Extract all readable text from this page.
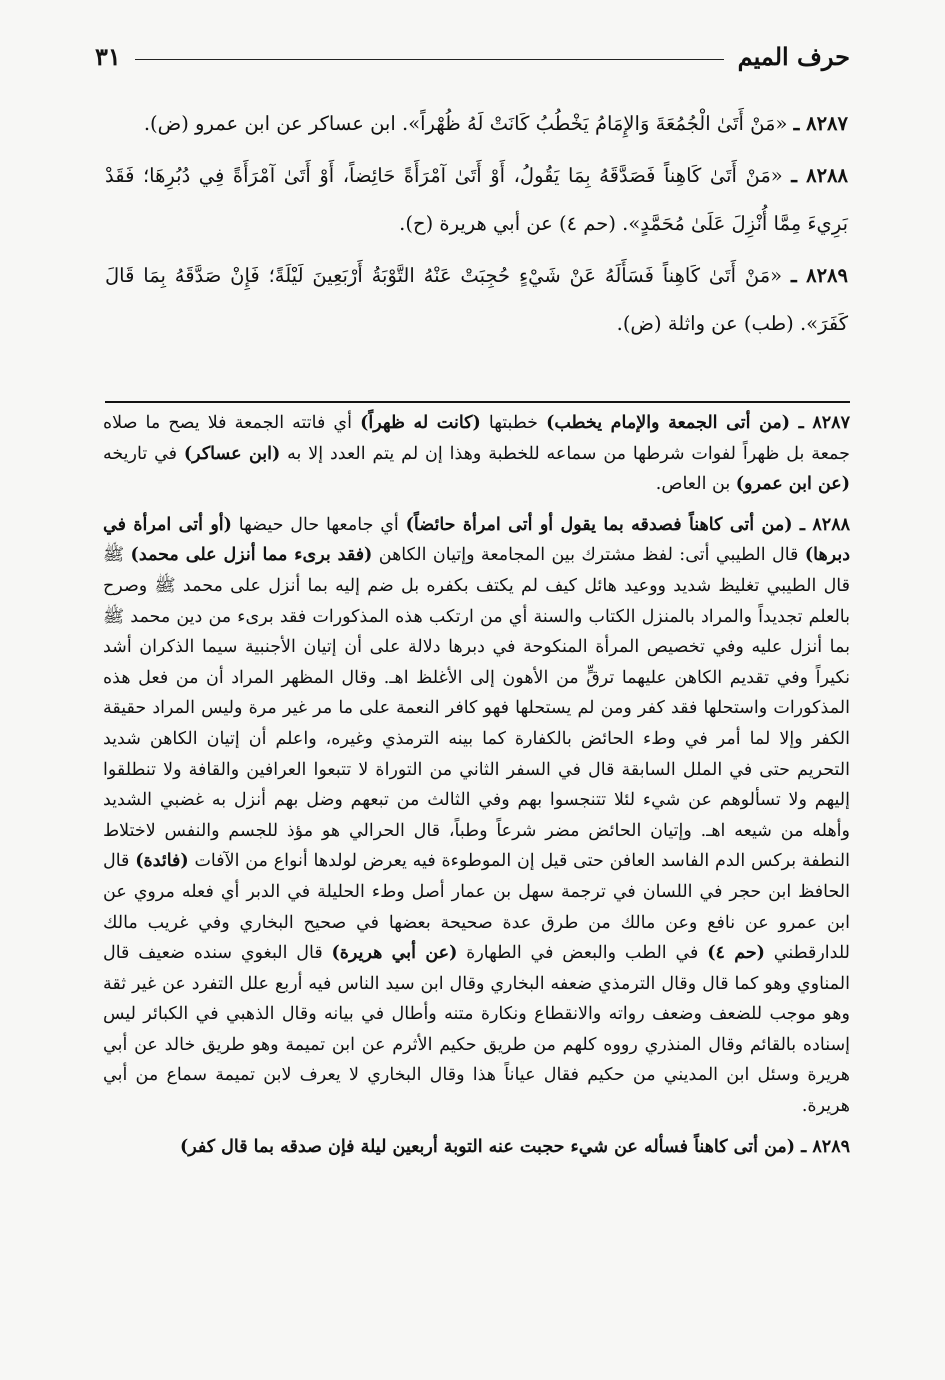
حرف الميم
٣١

٨٢٨٧ ـ «مَنْ أَتَىٰ الْجُمُعَةَ وَالإِمَامُ يَخْطُبُ كَانَتْ لَهُ ظُهْراً». ابن عساكر عن ابن عمرو (ض).

٨٢٨٨ ـ «مَنْ أَتَىٰ كَاهِناً فَصَدَّقَهُ بِمَا يَقُولُ، أَوْ أَتَىٰ آمْرَأَةً حَائِضاً، أَوْ أَتَىٰ آمْرَأَةً فِي دُبُرِهَا؛ فَقَدْ بَرِيءَ مِمَّا أُنْزِلَ عَلَىٰ مُحَمَّدٍ». (حم ٤) عن أبي هريرة (ح).

٨٢٨٩ ـ «مَنْ أَتَىٰ كَاهِناً فَسَأَلَهُ عَنْ شَيْءٍ حُجِبَتْ عَنْهُ التَّوْبَةُ أَرْبَعِينَ لَيْلَةً؛ فَإِنْ صَدَّقَهُ بِمَا قَالَ كَفَرَ». (طب) عن واثلة (ض).

٨٢٨٧ ـ (من أتى الجمعة والإمام يخطب) خطبتها (كانت له ظهراً) أي فاتته الجمعة فلا يصح ما صلاه جمعة بل ظهراً لفوات شرطها من سماعه للخطبة وهذا إن لم يتم العدد إلا به (ابن عساكر) في تاريخه (عن ابن عمرو) بن العاص.

٨٢٨٨ ـ (من أتى كاهناً فصدقه بما يقول أو أتى امرأة حائضاً) أي جامعها حال حيضها (أو أتى امرأة في دبرها) قال الطيبي أتى: لفظ مشترك بين المجامعة وإتيان الكاهن (فقد برىء مما أنزل على محمد) ﷺ قال الطيبي تغليظ شديد ووعيد هائل كيف لم يكتف بكفره بل ضم إليه بما أنزل على محمد ﷺ وصرح بالعلم تجديداً والمراد بالمنزل الكتاب والسنة أي من ارتكب هذه المذكورات فقد برىء من دين محمد ﷺ بما أنزل عليه وفي تخصيص المرأة المنكوحة في دبرها دلالة على أن إتيان الأجنبية سيما الذكران أشد نكيراً وفي تقديم الكاهن عليهما ترقٍّ من الأهون إلى الأغلظ اهـ. وقال المظهر المراد أن من فعل هذه المذكورات واستحلها فقد كفر ومن لم يستحلها فهو كافر النعمة على ما مر غير مرة وليس المراد حقيقة الكفر وإلا لما أمر في وطء الحائض بالكفارة كما بينه الترمذي وغيره، واعلم أن إتيان الكاهن شديد التحريم حتى في الملل السابقة قال في السفر الثاني من التوراة لا تتبعوا العرافين والقافة ولا تنطلقوا إليهم ولا تسألوهم عن شيء لئلا تتنجسوا بهم وفي الثالث من تبعهم وضل بهم أنزل به غضبي الشديد وأهله من شيعه اهـ. وإتيان الحائض مضر شرعاً وطباً، قال الحرالي هو مؤذ للجسم والنفس لاختلاط النطفة بركس الدم الفاسد العافن حتى قيل إن الموطوءة فيه يعرض لولدها أنواع من الآفات (فائدة) قال الحافظ ابن حجر في اللسان في ترجمة سهل بن عمار أصل وطء الحليلة في الدبر أي فعله مروي عن ابن عمرو عن نافع وعن مالك من طرق عدة صحيحة بعضها في صحيح البخاري وفي غريب مالك للدارقطني (حم ٤) في الطب والبعض في الطهارة (عن أبي هريرة) قال البغوي سنده ضعيف قال المناوي وهو كما قال وقال الترمذي ضعفه البخاري وقال ابن سيد الناس فيه أربع علل التفرد عن غير ثقة وهو موجب للضعف وضعف رواته والانقطاع ونكارة متنه وأطال في بيانه وقال الذهبي في الكبائر ليس إسناده بالقائم وقال المنذري رووه كلهم من طريق حكيم الأثرم عن ابن تميمة وهو طريق خالد عن أبي هريرة وسئل ابن المديني من حكيم فقال عياناً هذا وقال البخاري لا يعرف لابن تميمة سماع من أبي هريرة.

٨٢٨٩ ـ (من أتى كاهناً فسأله عن شيء حجبت عنه التوبة أربعين ليلة فإن صدقه بما قال كفر)
